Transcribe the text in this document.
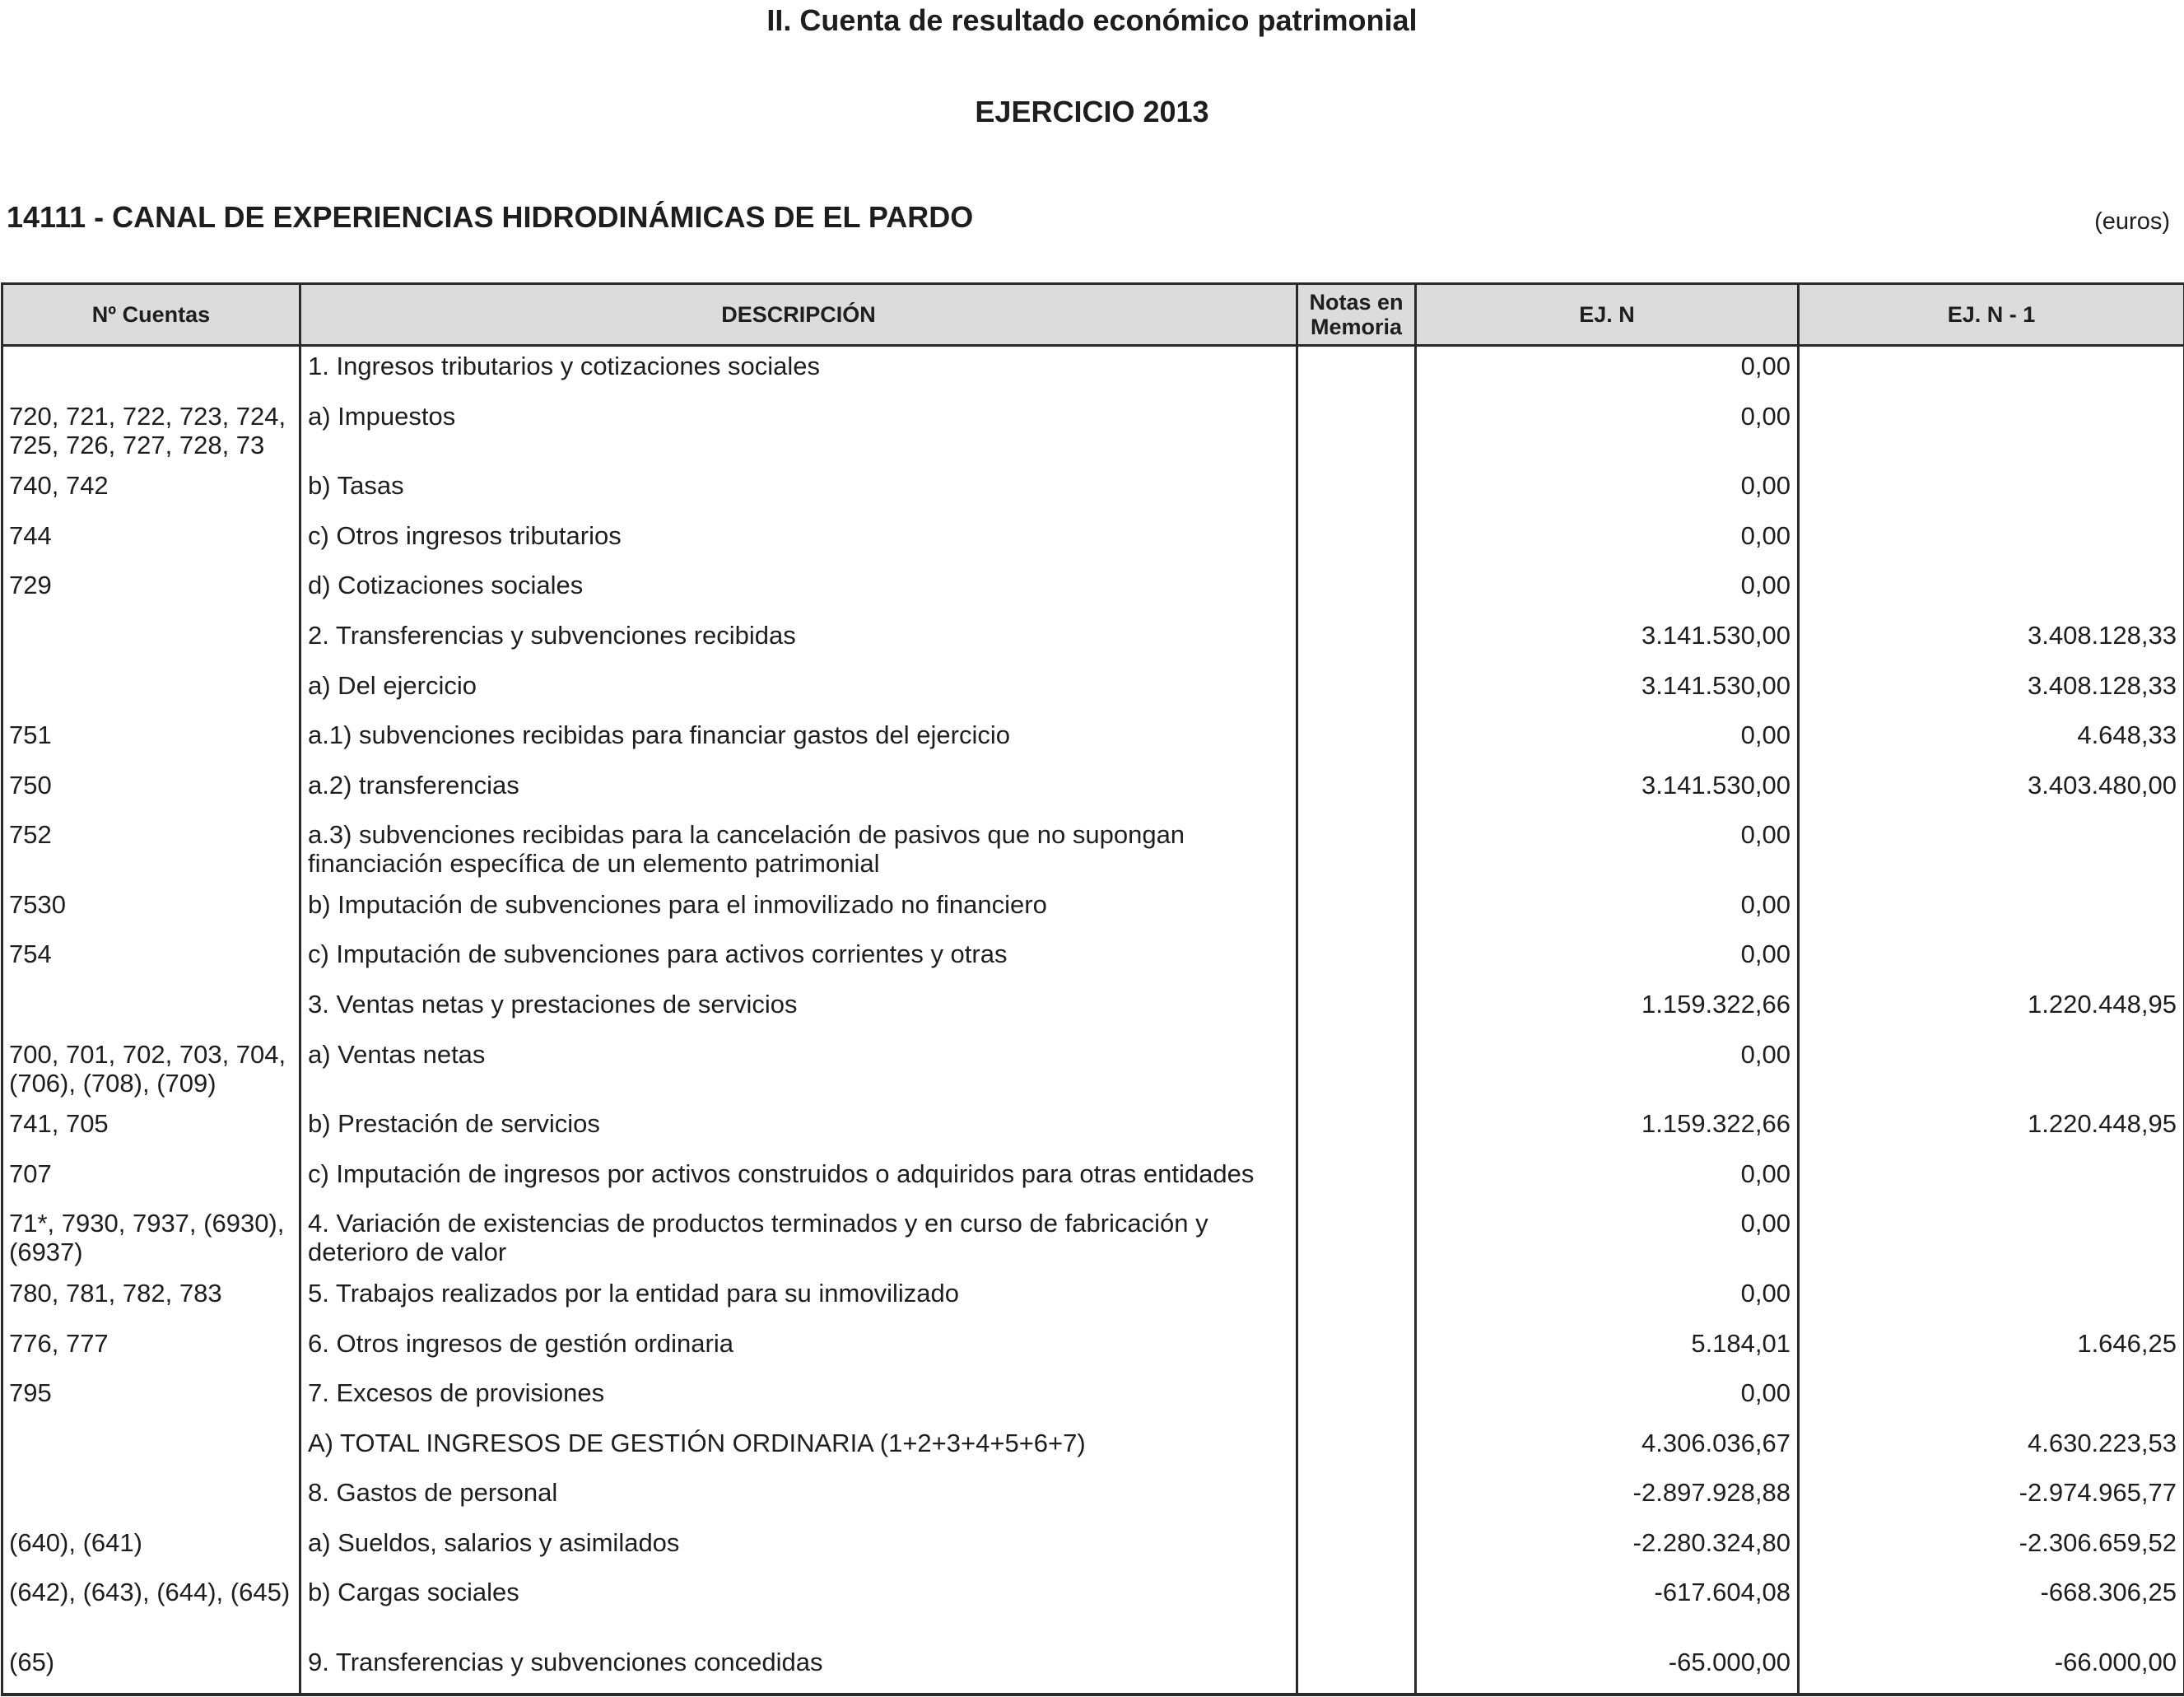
II. Cuenta de resultado económico patrimonial
EJERCICIO 2013
14111 - CANAL DE EXPERIENCIAS HIDRODINÁMICAS DE EL PARDO	(euros)
Nº Cuentas	DESCRIPCIÓN	Notas en Memoria	EJ. N	EJ. N - 1
	1. Ingresos tributarios y cotizaciones sociales		0,00	
720, 721, 722, 723, 724, 725, 726, 727, 728, 73	a) Impuestos		0,00	
740, 742	b) Tasas		0,00	
744	c) Otros ingresos tributarios		0,00	
729	d) Cotizaciones sociales		0,00	
	2. Transferencias y subvenciones recibidas		3.141.530,00	3.408.128,33
	a) Del ejercicio		3.141.530,00	3.408.128,33
751	a.1) subvenciones recibidas para financiar gastos del ejercicio		0,00	4.648,33
750	a.2) transferencias		3.141.530,00	3.403.480,00
752	a.3) subvenciones recibidas para la cancelación de pasivos que no supongan financiación específica de un elemento patrimonial		0,00	
7530	b) Imputación de subvenciones para el inmovilizado no financiero		0,00	
754	c) Imputación de subvenciones para activos corrientes y otras		0,00	
	3. Ventas netas y prestaciones de servicios		1.159.322,66	1.220.448,95
700, 701, 702, 703, 704, (706), (708), (709)	a) Ventas netas		0,00	
741, 705	b) Prestación de servicios		1.159.322,66	1.220.448,95
707	c) Imputación de ingresos por activos construidos o adquiridos para otras entidades		0,00	
71*, 7930, 7937, (6930), (6937)	4. Variación de existencias de productos terminados y en curso de fabricación y deterioro de valor		0,00	
780, 781, 782, 783	5. Trabajos realizados por la entidad para su inmovilizado		0,00	
776, 777	6. Otros ingresos de gestión ordinaria		5.184,01	1.646,25
795	7. Excesos de provisiones		0,00	
	A) TOTAL INGRESOS DE GESTIÓN ORDINARIA (1+2+3+4+5+6+7)		4.306.036,67	4.630.223,53
	8. Gastos de personal		-2.897.928,88	-2.974.965,77
(640), (641)	a) Sueldos, salarios y asimilados		-2.280.324,80	-2.306.659,52
(642), (643), (644), (645)	b) Cargas sociales		-617.604,08	-668.306,25
(65)	9. Transferencias y subvenciones concedidas		-65.000,00	-66.000,00
